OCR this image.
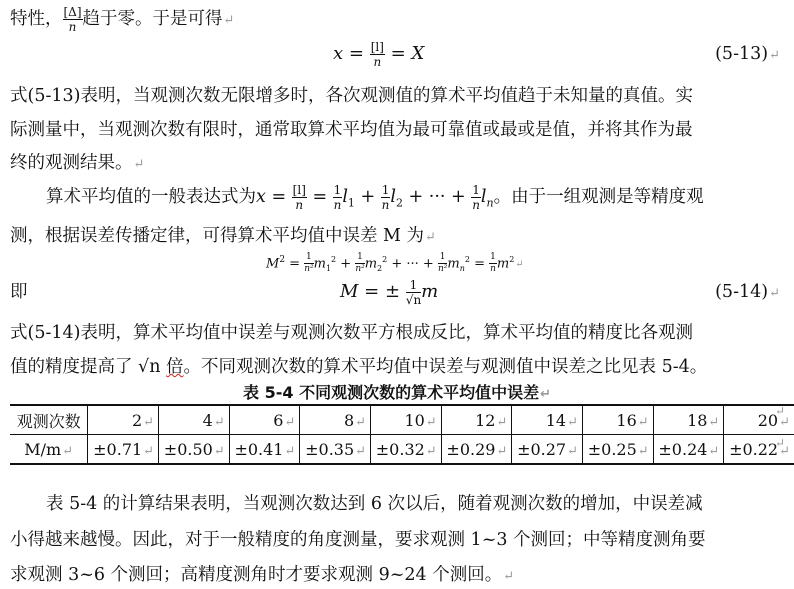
特性， $\frac{[\Delta]}{n}$ 趋于零。于是可得↵
$x = \frac{[l]}{n} = X$	(5-13)↵
式(5-13)表明，当观测次数无限增多时，各次观测值的算术平均值趋于未知量的真值。实
际测量中，当观测次数有限时，通常取算术平均值为最可靠值或最或是值，并将其作为最
终的观测结果。↵
算术平均值的一般表达式为$x = \frac{[l]}{n} = \frac{1}{n} l_1 + \frac{1}{n} l_2$ + ··· + $\frac{1}{n} l_n$。由于一组观测是等精度观
测，根据误差传播定律，可得算术平均值中误差 M 为↵
$M^2 = \frac{1}{\text{n²}} m_1^2 + \frac{1}{\text{n²}} m_2^2$ + ··· + $\frac{1}{\text{n²}} m_n^2 = \frac{1}{n}$ $m^2↵$
即	M = ± $\frac{1}{√n}$ m	(5-14)↵
式(5-14)表明，算术平均值中误差与观测次数平方根成反比，算术平均值的精度比各观测
值的精度提高了 √n 倍。不同观测次数的算术平均值中误差与观测值中误差之比见表 5-4。
表 5-4 不同观测次数的算术平均值中误差↵
观测次数	2↵	4↵	6↵	8↵	10↵	12↵	14↵	16↵	18↵	20↵
M/m↵	±0.71↵	±0.50↵	±0.41↵	±0.35↵	±0.32↵	±0.29↵	±0.27↵	±0.25↵	±0.24↵	±0.22↵
↵
↵
表 5-4 的计算结果表明，当观测次数达到 6 次以后，随着观测次数的增加，中误差减
小得越来越慢。因此，对于一般精度的角度测量，要求观测 1~3 个测回；中等精度测角要
求观测 3~6 个测回；高精度测角时才要求观测 9~24 个测回。↵
